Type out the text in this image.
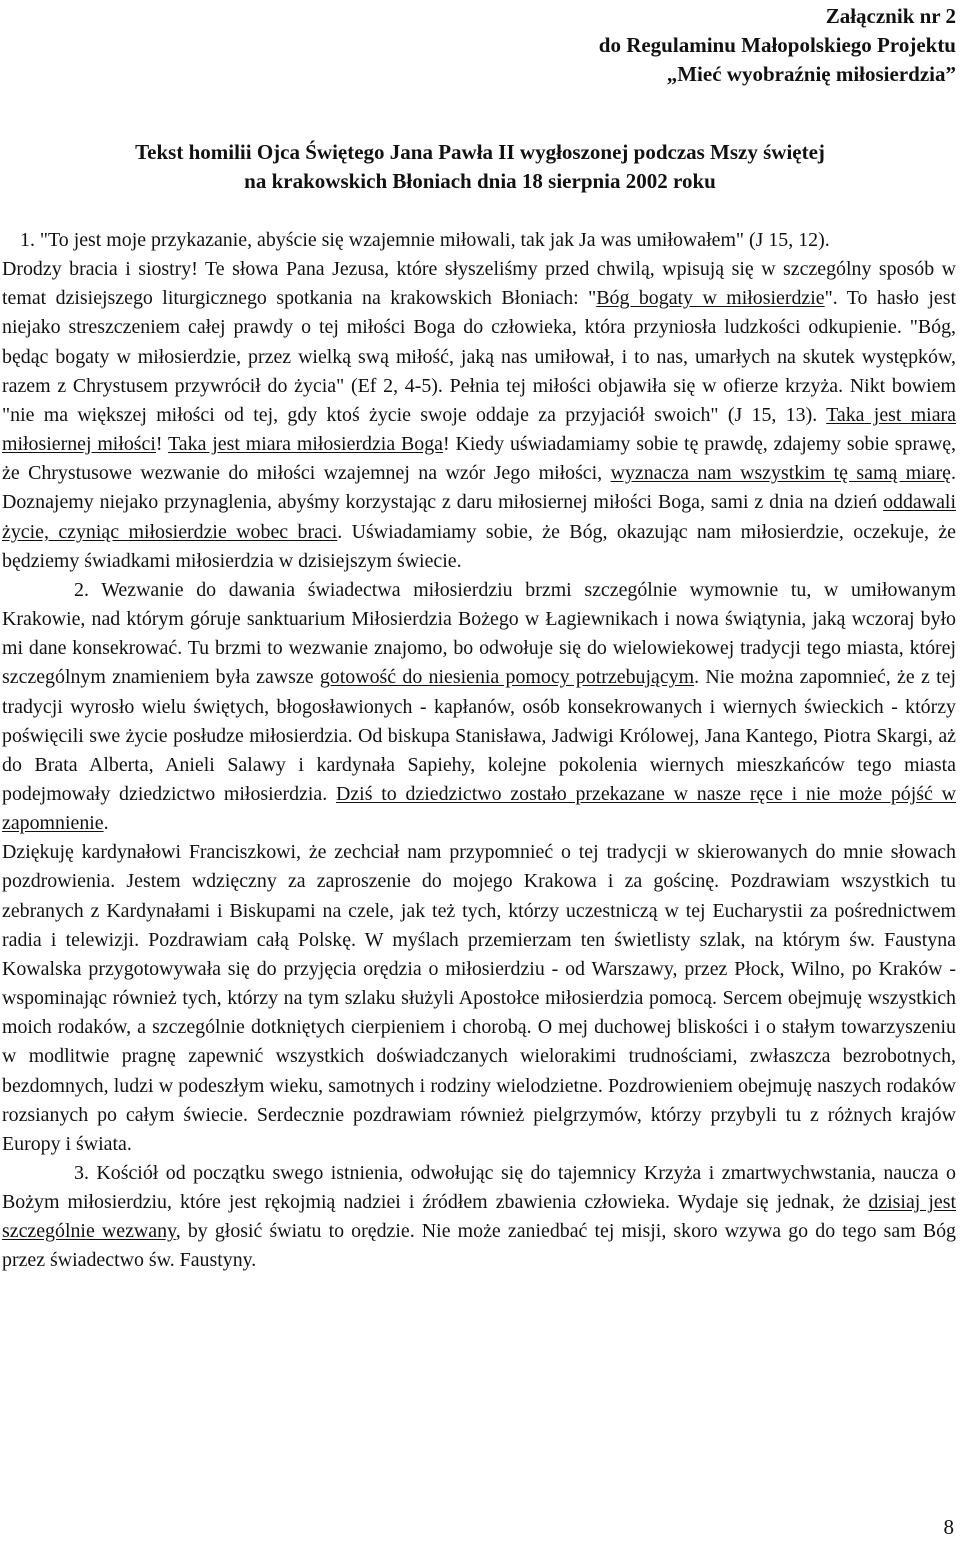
Załącznik nr 2
do Regulaminu Małopolskiego Projektu
„Mieć wyobraźnię miłosierdzia”
Tekst homilii Ojca Świętego Jana Pawła II wygłoszonej podczas Mszy świętej
na krakowskich Błoniach dnia 18 sierpnia 2002 roku

1. "To jest moje przykazanie, abyście się wzajemnie miłowali, tak jak Ja was umiłowałem" (J 15, 12).

Drodzy bracia i siostry! Te słowa Pana Jezusa, które słyszeliśmy przed chwilą, wpisują się w szczególny sposób w temat dzisiejszego liturgicznego spotkania na krakowskich Błoniach: "Bóg bogaty w miłosierdzie". To hasło jest niejako streszczeniem całej prawdy o tej miłości Boga do człowieka, która przyniosła ludzkości odkupienie. "Bóg, będąc bogaty w miłosierdzie, przez wielką swą miłość, jaką nas umiłował, i to nas, umarłych na skutek występków, razem z Chrystusem przywrócił do życia" (Ef 2, 4-5). Pełnia tej miłości objawiła się w ofierze krzyża. Nikt bowiem "nie ma większej miłości od tej, gdy ktoś życie swoje oddaje za przyjaciół swoich" (J 15, 13). Taka jest miara miłosiernej miłości! Taka jest miara miłosierdzia Boga! Kiedy uświadamiamy sobie tę prawdę, zdajemy sobie sprawę, że Chrystusowe wezwanie do miłości wzajemnej na wzór Jego miłości, wyznacza nam wszystkim tę samą miarę. Doznajemy niejako przynaglenia, abyśmy korzystając z daru miłosiernej miłości Boga, sami z dnia na dzień oddawali życie, czyniąc miłosierdzie wobec braci. Uświadamiamy sobie, że Bóg, okazując nam miłosierdzie, oczekuje, że będziemy świadkami miłosierdzia w dzisiejszym świecie.

2. Wezwanie do dawania świadectwa miłosierdziu brzmi szczególnie wymownie tu, w umiłowanym Krakowie, nad którym góruje sanktuarium Miłosierdzia Bożego w Łagiewnikach i nowa świątynia, jaką wczoraj było mi dane konsekrować. Tu brzmi to wezwanie znajomo, bo odwołuje się do wielowiekowej tradycji tego miasta, której szczególnym znamieniem była zawsze gotowość do niesienia pomocy potrzebującym. Nie można zapomnieć, że z tej tradycji wyrosło wielu świętych, błogosławionych - kapłanów, osób konsekrowanych i wiernych świeckich - którzy poświęcili swe życie posłudze miłosierdzia. Od biskupa Stanisława, Jadwigi Królowej, Jana Kantego, Piotra Skargi, aż do Brata Alberta, Anieli Salawy i kardynała Sapiehy, kolejne pokolenia wiernych mieszkańców tego miasta podejmowały dziedzictwo miłosierdzia. Dziś to dziedzictwo zostało przekazane w nasze ręce i nie może pójść w zapomnienie.

Dziękuję kardynałowi Franciszkowi, że zechciał nam przypomnieć o tej tradycji w skierowanych do mnie słowach pozdrowienia. Jestem wdzięczny za zaproszenie do mojego Krakowa i za gościnę. Pozdrawiam wszystkich tu zebranych z Kardynałami i Biskupami na czele, jak też tych, którzy uczestniczą w tej Eucharystii za pośrednictwem radia i telewizji. Pozdrawiam całą Polskę. W myślach przemierzam ten świetlisty szlak, na którym św. Faustyna Kowalska przygotowywała się do przyjęcia orędzia o miłosierdziu - od Warszawy, przez Płock, Wilno, po Kraków - wspominając również tych, którzy na tym szlaku służyli Apostołce miłosierdzia pomocą. Sercem obejmuję wszystkich moich rodaków, a szczególnie dotkniętych cierpieniem i chorobą. O mej duchowej bliskości i o stałym towarzyszeniu w modlitwie pragnę zapewnić wszystkich doświadczanych wielorakimi trudnościami, zwłaszcza bezrobotnych, bezdomnych, ludzi w podeszłym wieku, samotnych i rodziny wielodzietne. Pozdrowieniem obejmuję naszych rodaków rozsianych po całym świecie. Serdecznie pozdrawiam również pielgrzymów, którzy przybyli tu z różnych krajów Europy i świata.

3. Kościół od początku swego istnienia, odwołując się do tajemnicy Krzyża i zmartwychwstania, naucza o Bożym miłosierdziu, które jest rękojmią nadziei i źródłem zbawienia człowieka. Wydaje się jednak, że dzisiaj jest szczególnie wezwany, by głosić światu to orędzie. Nie może zaniedbać tej misji, skoro wzywa go do tego sam Bóg przez świadectwo św. Faustyny.

8
